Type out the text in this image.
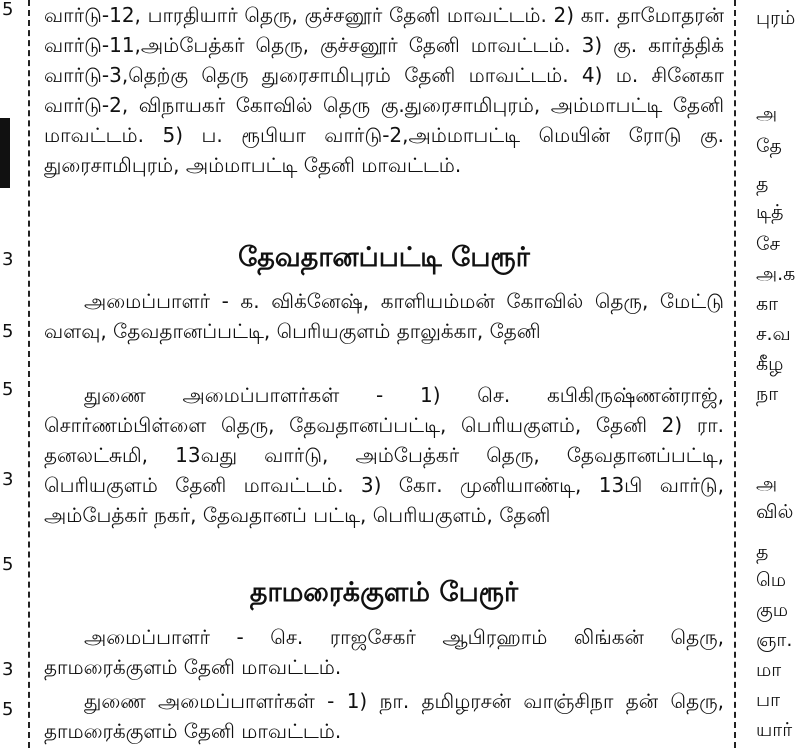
5
3
5
5
3
5
3
5

வார்டு-12, பாரதியார் தெரு, குச்சனூர் தேனி மாவட்டம். 2) கா. தாமோதரன் வார்டு-11,அம்பேத்கர் தெரு, குச்சனூர் தேனி மாவட்டம். 3) கு. கார்த்திக் வார்டு-3,தெற்கு தெரு துரைசாமிபுரம் தேனி மாவட்டம். 4) ம. சினேகா வார்டு-2, விநாயகர் கோவில் தெரு கு.துரைசாமிபுரம், அம்மாபட்டி தேனி மாவட்டம். 5) ப. ரூபியா வார்டு-2,அம்மாபட்டி மெயின் ரோடு கு. துரைசாமிபுரம், அம்மாபட்டி தேனி மாவட்டம்.

தேவதானப்பட்டி பேரூர்

அமைப்பாளர் - க. விக்னேஷ், காளியம்மன் கோவில் தெரு, மேட்டு வளவு, தேவதானப்பட்டி, பெரியகுளம் தாலுக்கா, தேனி

துணை அமைப்பாளர்கள் - 1) செ. கபிகிருஷ்ணன்ராஜ், சொர்ணம்பிள்ளை தெரு, தேவதானப்பட்டி, பெரியகுளம், தேனி 2) ரா. தனலட்சுமி, 13வது வார்டு, அம்பேத்கர் தெரு, தேவதானப்பட்டி, பெரியகுளம் தேனி மாவட்டம். 3) கோ. முனியாண்டி, 13பி வார்டு, அம்பேத்கர் நகர், தேவதானப் பட்டி, பெரியகுளம், தேனி

தாமரைக்குளம் பேரூர்

அமைப்பாளர் - செ. ராஜசேகர் ஆபிரஹாம் லிங்கன் தெரு, தாமரைக்குளம் தேனி மாவட்டம்.

துணை அமைப்பாளர்கள் - 1) நா. தமிழரசன் வாஞ்சிநா தன் தெரு, தாமரைக்குளம் தேனி மாவட்டம்.

புரம்
அ
தே
த
டித்
சே
அ.க
கா
ச.வ
கீழ
நா
அ
வில்
த
மெ
கும
ஞா.
மா
பா
யார்
